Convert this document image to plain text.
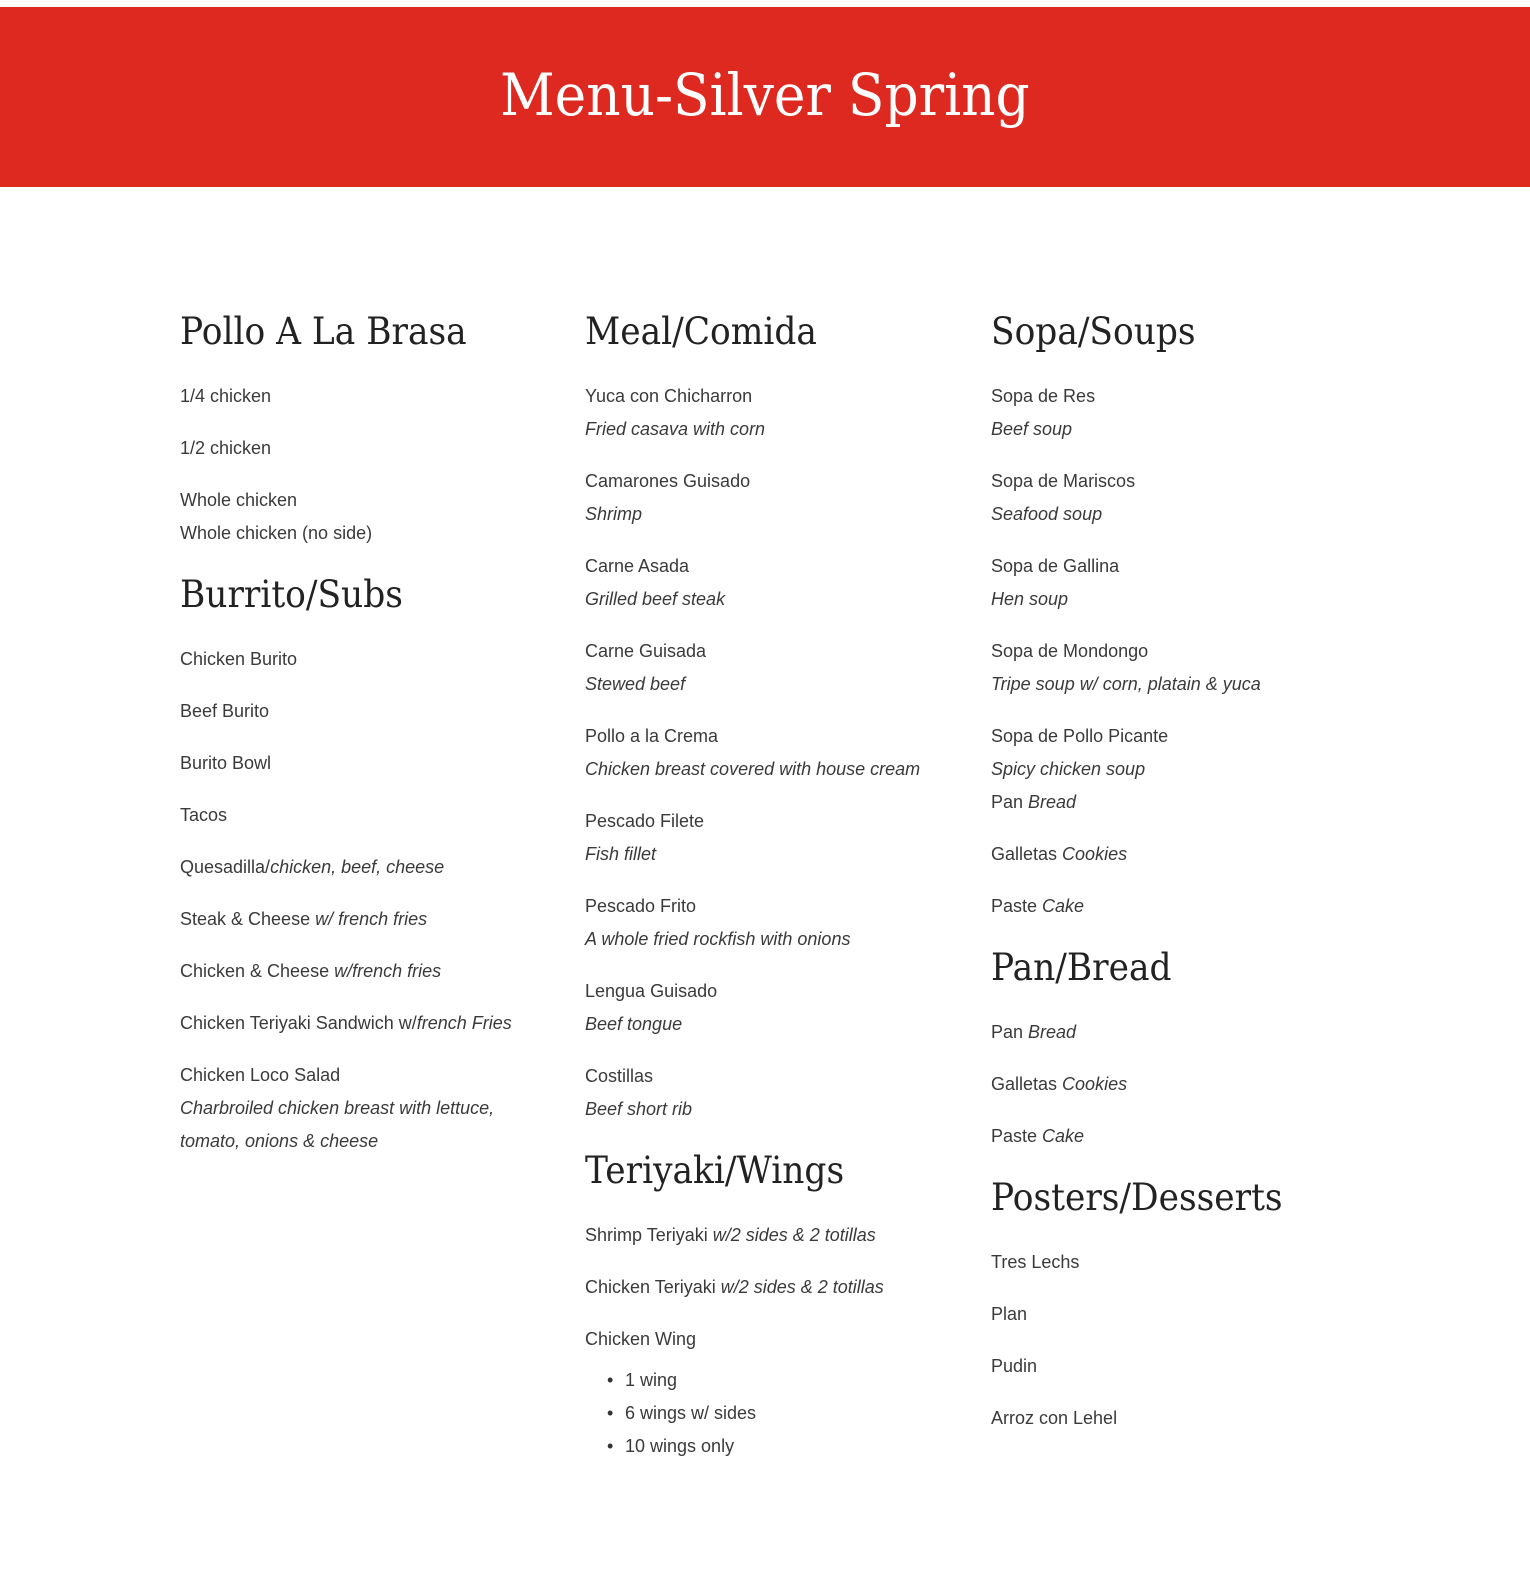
Menu-Silver Spring
Pollo A La Brasa
1/4 chicken
1/2 chicken
Whole chicken
Whole chicken (no side)
Burrito/Subs
Chicken Burito
Beef Burito
Burito Bowl
Tacos
Quesadilla/chicken, beef, cheese
Steak & Cheese w/ french fries
Chicken & Cheese w/french fries
Chicken Teriyaki Sandwich w/french Fries
Chicken Loco Salad
Charbroiled chicken breast with lettuce, tomato, onions & cheese
Meal/Comida
Yuca con Chicharron
Fried casava with corn
Camarones Guisado
Shrimp
Carne Asada
Grilled beef steak
Carne Guisada
Stewed beef
Pollo a la Crema
Chicken breast covered with house cream
Pescado Filete
Fish fillet
Pescado Frito
A whole fried rockfish with onions
Lengua Guisado
Beef tongue
Costillas
Beef short rib
Teriyaki/Wings
Shrimp Teriyaki w/2 sides & 2 totillas
Chicken Teriyaki w/2 sides & 2 totillas
Chicken Wing
• 1 wing
• 6 wings w/ sides
• 10 wings only
Sopa/Soups
Sopa de Res
Beef soup
Sopa de Mariscos
Seafood soup
Sopa de Gallina
Hen soup
Sopa de Mondongo
Tripe soup w/ corn, platain & yuca
Sopa de Pollo Picante
Spicy chicken soup
Pan Bread
Galletas Cookies
Paste Cake
Pan/Bread
Pan Bread
Galletas Cookies
Paste Cake
Posters/Desserts
Tres Lechs
Plan
Pudin
Arroz con Lehel
